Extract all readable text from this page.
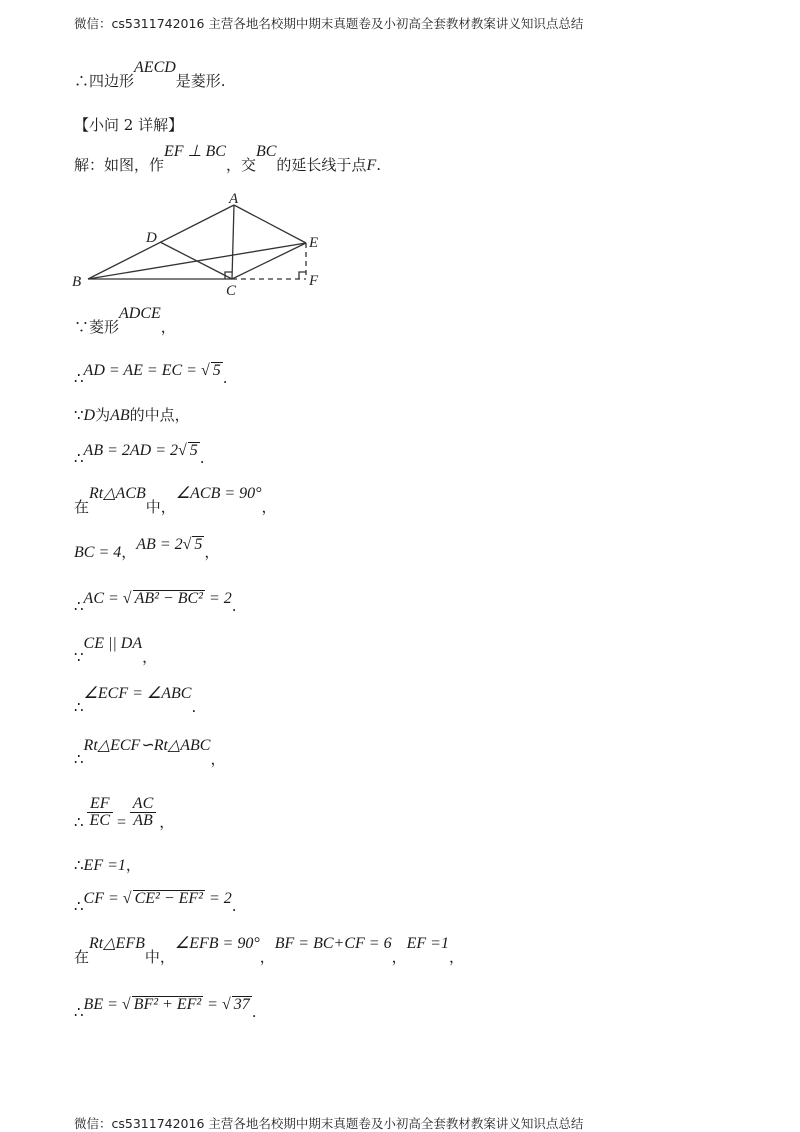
微信：cs5311742016 主营各地名校期中期末真题卷及小初高全套教材教案讲义知识点总结
∴四边形AECD是菱形.
【小问 2 详解】
解：如图，作EF ⊥ BC，交BC的延长线于点F.
A
B
C
D	E
F
∵菱形ADCE，
∴AD = AE = EC = √ 5 .
∵D为AB的中点，
∴AB = 2AD = 2√ 5 .
在Rt△ACB中，∠ACB = 90°，
BC = 4，AB = 2√ 5 ，
∴AC = √ AB² − BC² = 2.
∵CE || DA，
∴∠ECF = ∠ABC.
∴Rt△ECF∽Rt△ABC，
∴ $\frac{EF}{EC} = \frac{AC}{AB}$ ，
∴EF =1，
∴CF = √ CE² − EF² = 2.
在Rt△EFB中，∠EFB = 90°，BF = BC+CF = 6，EF =1，
∴BE = √ BF² + EF² = √ 37 .
微信：cs5311742016 主营各地名校期中期末真题卷及小初高全套教材教案讲义知识点总结
